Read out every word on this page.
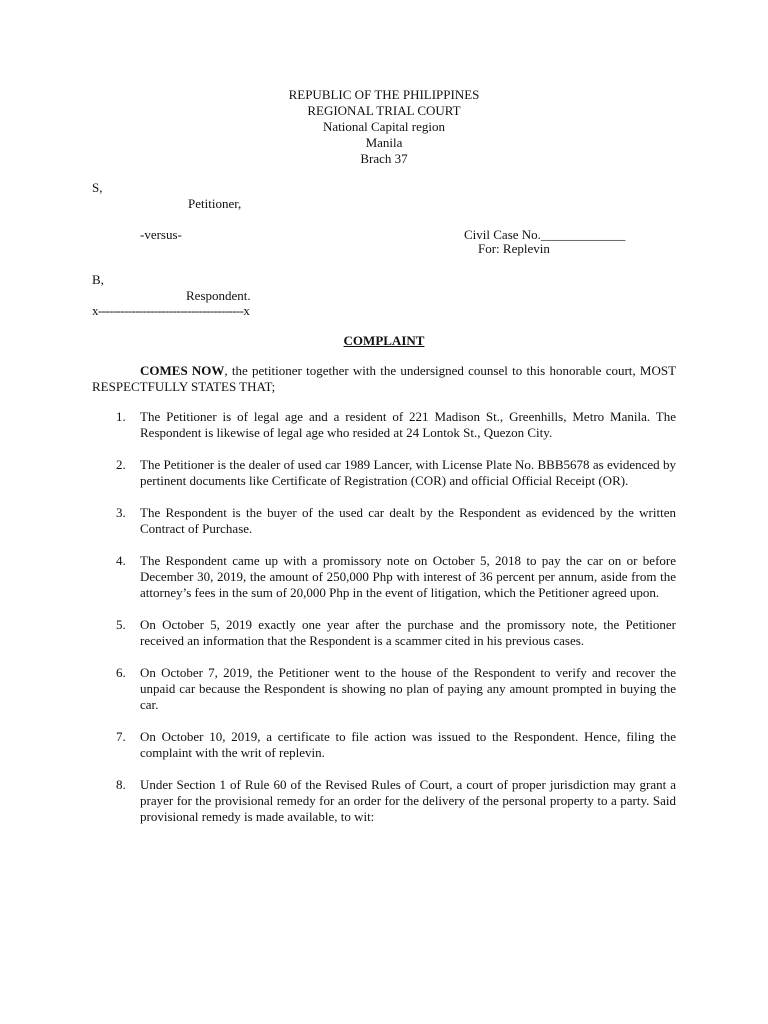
REPUBLIC OF THE PHILIPPINES
REGIONAL TRIAL COURT
National Capital region
Manila
Brach 37
S,
Petitioner,
-versus-	Civil Case No._____________
For: Replevin
B,
Respondent.
x---------------------------------------x
COMPLAINT
COMES NOW, the petitioner together with the undersigned counsel to this honorable court, MOST RESPECTFULLY STATES THAT;
1. The Petitioner is of legal age and a resident of 221 Madison St., Greenhills, Metro Manila. The Respondent is likewise of legal age who resided at 24 Lontok St., Quezon City.
2. The Petitioner is the dealer of used car 1989 Lancer, with License Plate No. BBB5678 as evidenced by pertinent documents like Certificate of Registration (COR) and official Official Receipt (OR).
3. The Respondent is the buyer of the used car dealt by the Respondent as evidenced by the written Contract of Purchase.
4. The Respondent came up with a promissory note on October 5, 2018 to pay the car on or before December 30, 2019, the amount of 250,000 Php with interest of 36 percent per annum, aside from the attorney’s fees in the sum of 20,000 Php in the event of litigation, which the Petitioner agreed upon.
5. On October 5, 2019 exactly one year after the purchase and the promissory note, the Petitioner received an information that the Respondent is a scammer cited in his previous cases.
6. On October 7, 2019, the Petitioner went to the house of the Respondent to verify and recover the unpaid car because the Respondent is showing no plan of paying any amount prompted in buying the car.
7. On October 10, 2019, a certificate to file action was issued to the Respondent. Hence, filing the complaint with the writ of replevin.
8. Under Section 1 of Rule 60 of the Revised Rules of Court, a court of proper jurisdiction may grant a prayer for the provisional remedy for an order for the delivery of the personal property to a party. Said provisional remedy is made available, to wit:
